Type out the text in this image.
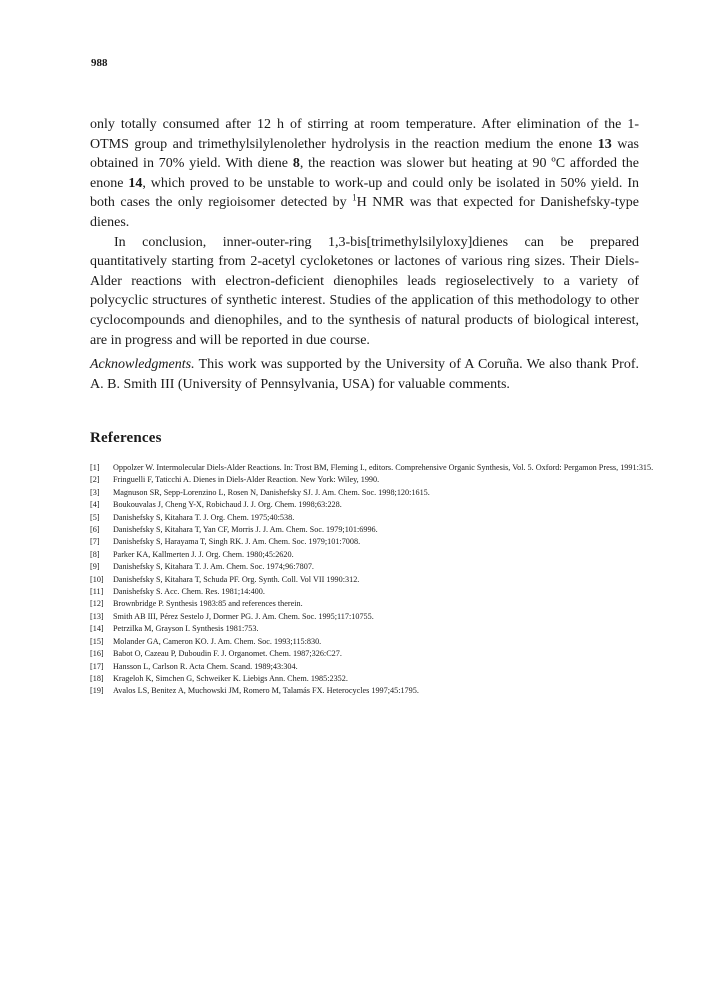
988

only totally consumed after 12 h of stirring at room temperature. After elimination of the 1-OTMS group and trimethylsilylenolether hydrolysis in the reaction medium the enone 13 was obtained in 70% yield. With diene 8, the reaction was slower but heating at 90 ºC afforded the enone 14, which proved to be unstable to work-up and could only be isolated in 50% yield. In both cases the only regioisomer detected by $^1$H NMR was that expected for Danishefsky-type dienes.

In conclusion, inner-outer-ring 1,3-bis[trimethylsilyloxy]dienes can be prepared quantitatively starting from 2-acetyl cycloketones or lactones of various ring sizes. Their Diels-Alder reactions with electron-deficient dienophiles leads regioselectively to a variety of polycyclic structures of synthetic interest. Studies of the application of this methodology to other cyclocompounds and dienophiles, and to the synthesis of natural products of biological interest, are in progress and will be reported in due course.

Acknowledgments. This work was supported by the University of A Coruña. We also thank Prof. A. B. Smith III (University of Pennsylvania, USA) for valuable comments.

References
[1] Oppolzer W. Intermolecular Diels-Alder Reactions. In: Trost BM, Fleming I., editors. Comprehensive Organic Synthesis, Vol. 5. Oxford: Pergamon Press, 1991:315.
[2] Fringuelli F, Taticchi A. Dienes in Diels-Alder Reaction. New York: Wiley, 1990.
[3] Magnuson SR, Sepp-Lorenzino L, Rosen N, Danishefsky SJ. J. Am. Chem. Soc. 1998;120:1615.
[4] Boukouvalas J, Cheng Y-X, Robichaud J. J. Org. Chem. 1998;63:228.
[5] Danishefsky S, Kitahara T. J. Org. Chem. 1975;40:538.
[6] Danishefsky S, Kitahara T, Yan CF, Morris J. J. Am. Chem. Soc. 1979;101:6996.
[7] Danishefsky S, Harayama T, Singh RK. J. Am. Chem. Soc. 1979;101:7008.
[8] Parker KA, Kallmerten J. J. Org. Chem. 1980;45:2620.
[9] Danishefsky S, Kitahara T. J. Am. Chem. Soc. 1974;96:7807.
[10] Danishefsky S, Kitahara T, Schuda PF. Org. Synth. Coll. Vol VII 1990:312.
[11] Danishefsky S. Acc. Chem. Res. 1981;14:400.
[12] Brownbridge P. Synthesis 1983:85 and references therein.
[13] Smith AB III, Pérez Sestelo J, Dormer PG. J. Am. Chem. Soc. 1995;117:10755.
[14] Petrzilka M, Grayson I. Synthesis 1981:753.
[15] Molander GA, Cameron KO. J. Am. Chem. Soc. 1993;115:830.
[16] Babot O, Cazeau P, Duboudin F. J. Organomet. Chem. 1987;326:C27.
[17] Hansson L, Carlson R. Acta Chem. Scand. 1989;43:304.
[18] Krageloh K, Simchen G, Schweiker K. Liebigs Ann. Chem. 1985:2352.
[19] Avalos LS, Benitez A, Muchowski JM, Romero M, Talamás FX. Heterocycles 1997;45:1795.
